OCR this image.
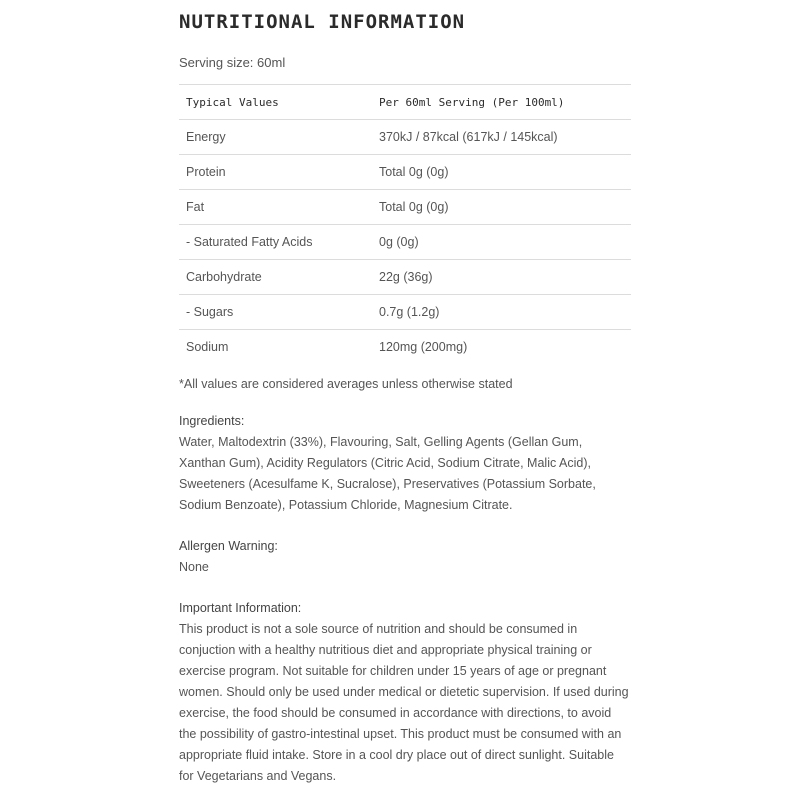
NUTRITIONAL INFORMATION
Serving size: 60ml
Typical Values	Per 60ml Serving (Per 100ml)
Energy	370kJ / 87kcal (617kJ / 145kcal)
Protein	Total 0g (0g)
Fat	Total 0g (0g)
- Saturated Fatty Acids	0g (0g)
Carbohydrate	22g (36g)
- Sugars	0.7g (1.2g)
Sodium	120mg (200mg)
*All values are considered averages unless otherwise stated
Ingredients:
Water, Maltodextrin (33%), Flavouring, Salt, Gelling Agents (Gellan Gum, Xanthan Gum), Acidity Regulators (Citric Acid, Sodium Citrate, Malic Acid), Sweeteners (Acesulfame K, Sucralose), Preservatives (Potassium Sorbate, Sodium Benzoate), Potassium Chloride, Magnesium Citrate.
Allergen Warning:
None
Important Information:
This product is not a sole source of nutrition and should be consumed in conjuction with a healthy nutritious diet and appropriate physical training or exercise program. Not suitable for children under 15 years of age or pregnant women. Should only be used under medical or dietetic supervision. If used during exercise, the food should be consumed in accordance with directions, to avoid the possibility of gastro-intestinal upset. This product must be consumed with an appropriate fluid intake. Store in a cool dry place out of direct sunlight. Suitable for Vegetarians and Vegans.
